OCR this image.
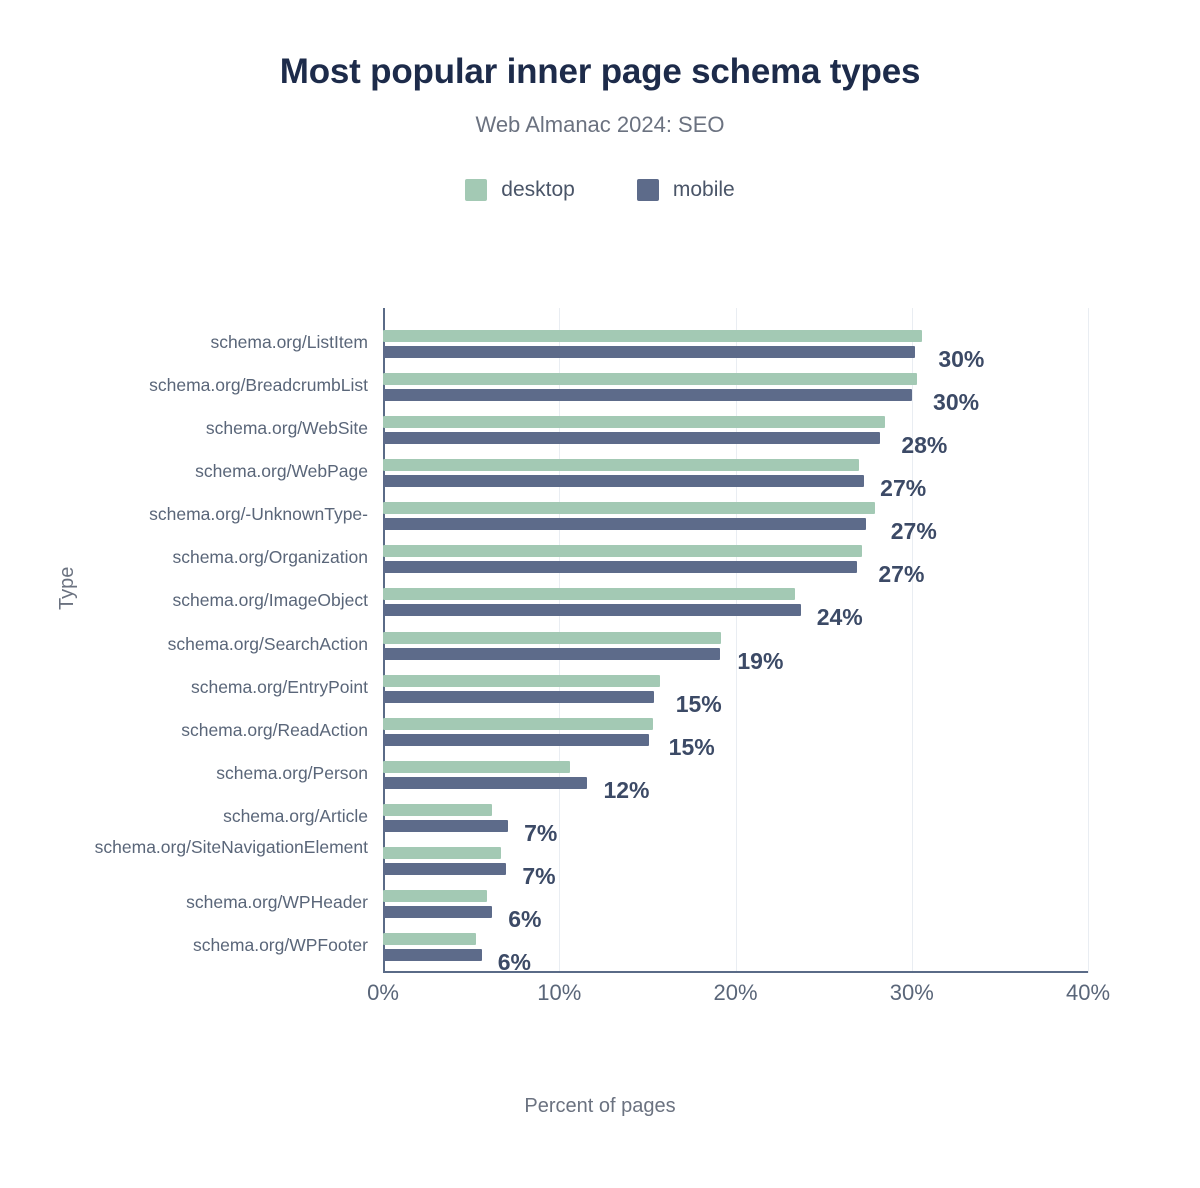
Most popular inner page schema types
Web Almanac 2024: SEO
desktop	mobile
Type
Percent of pages
schema.org/ListItem
schema.org/BreadcrumbList
schema.org/WebSite
schema.org/WebPage
schema.org/-UnknownType-
schema.org/Organization
schema.org/ImageObject
schema.org/SearchAction
schema.org/EntryPoint
schema.org/ReadAction
schema.org/Person
schema.org/Article
schema.org/SiteNavigationElement
schema.org/WPHeader
schema.org/WPFooter
30%
30%
28%
27%
27%
27%
24%
19%
15%
15%
12%
7%
7%
6%
6%
0%	10%	20%	30%	40%
